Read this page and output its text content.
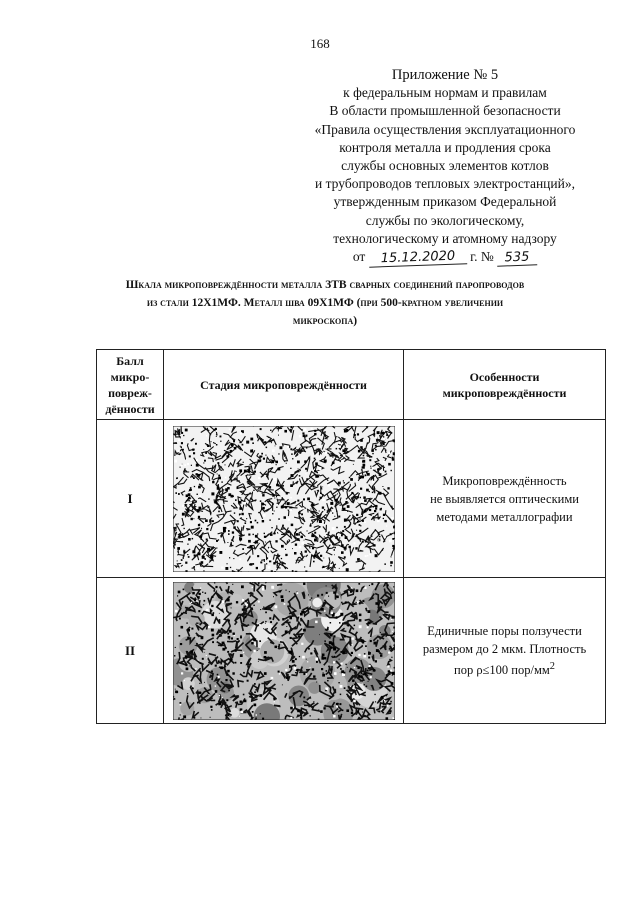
168
Приложение № 5
к федеральным нормам и правилам
В области промышленной безопасности
«Правила осуществления эксплуатационного
контроля металла и продления срока
службы основных элементов котлов
и трубопроводов тепловых электростанций»,
утвержденным приказом Федеральной
службы по экологическому,
технологическому и атомному надзору
от 15.12.2020 г. № 535
Шкала микроповреждённости металла ЗТВ сварных соединений паропроводов
из стали 12Х1МФ. Металл шва 09Х1МФ (при 500-кратном увеличении
микроскопа)
Балл микро- повреж- дённости	Стадия микроповреждённости	Особенности микроповреждённости
I		Микроповреждённость
не выявляется оптическими
методами металлографии

II		Единичные поры ползучести
размером до 2 мкм. Плотность
пор ρ≤100 пор/$мм^2$
